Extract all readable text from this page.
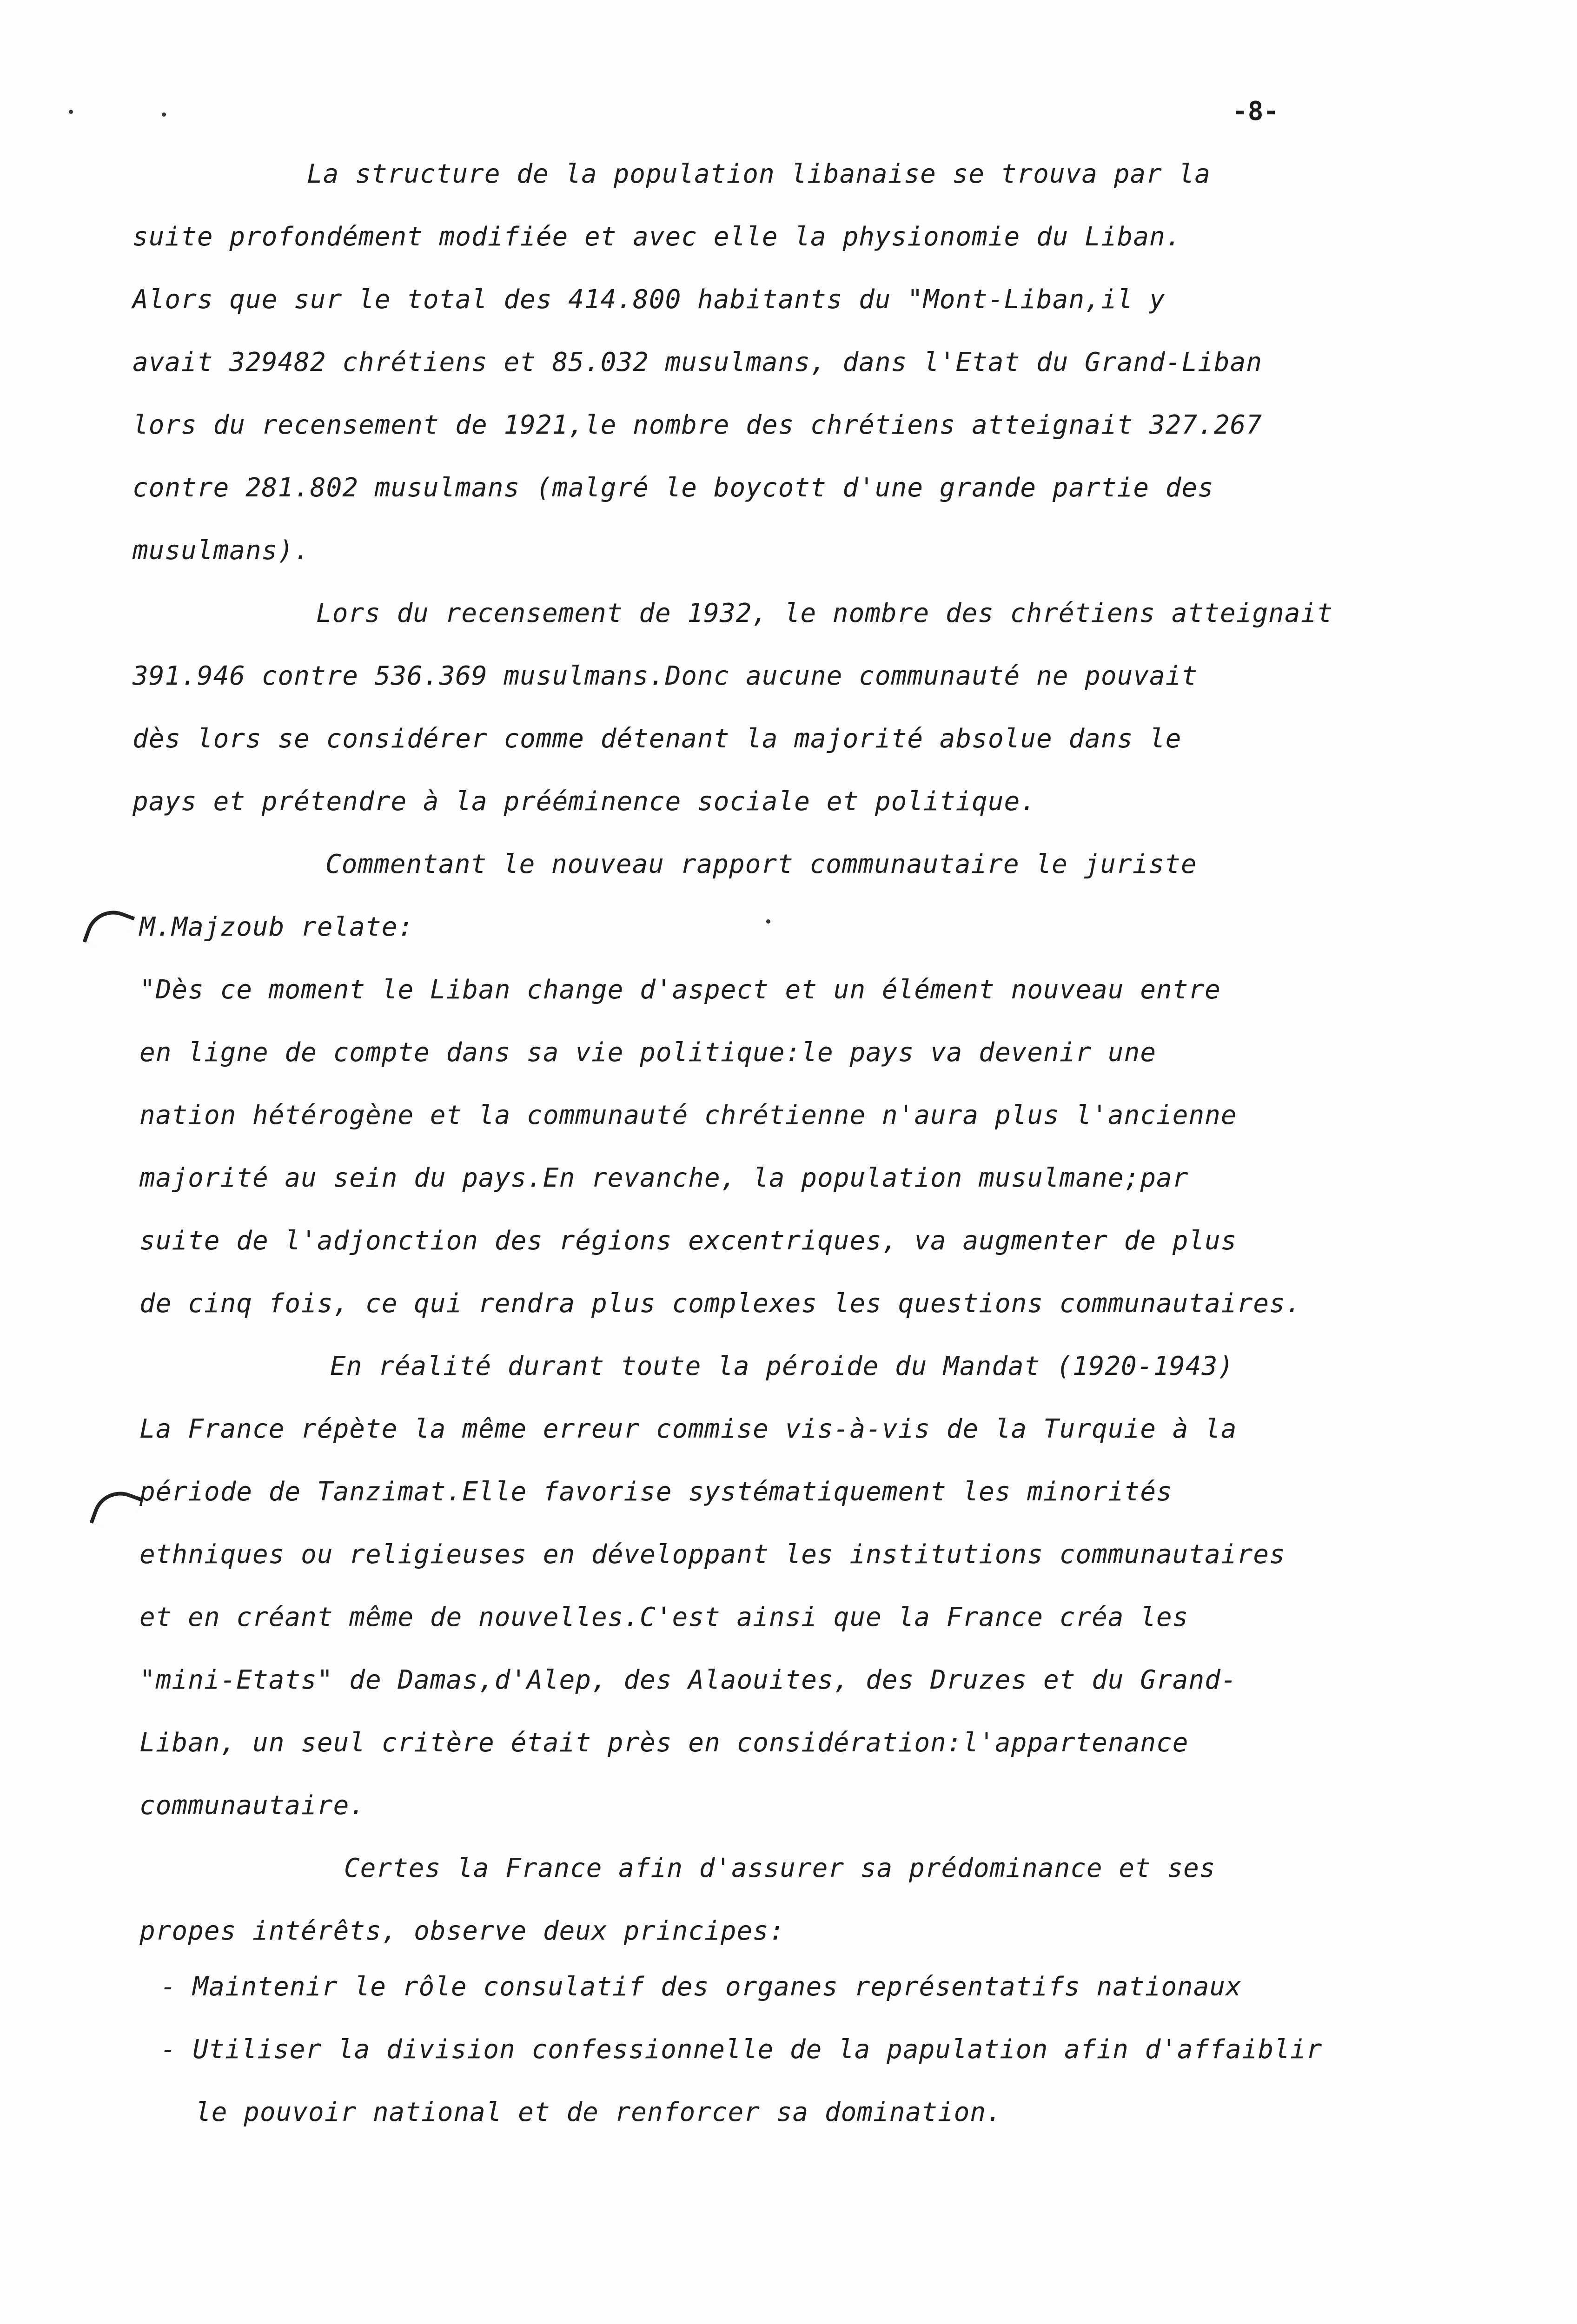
-8-

La structure de la population libanaise se trouva par la

suite profondément modifiée et avec elle la physionomie du Liban.

Alors que sur le total des 414.800 habitants du "Mont-Liban,il y

avait 329482 chrétiens et 85.032 musulmans, dans l'Etat du Grand-Liban

lors du recensement de 1921,le nombre des chrétiens atteignait 327.267

contre 281.802 musulmans (malgré le boycott d'une grande partie des

musulmans).

Lors du recensement de 1932, le nombre des chrétiens atteignait

391.946 contre 536.369 musulmans.Donc aucune communauté ne pouvait

dès lors se considérer comme détenant la majorité absolue dans le

pays et prétendre à la prééminence sociale et politique.

Commentant le nouveau rapport communautaire le juriste

M.Majzoub relate:

"Dès ce moment le Liban change d'aspect et un élément nouveau entre

en ligne de compte dans sa vie politique:le pays va devenir une

nation hétérogène et la communauté chrétienne n'aura plus l'ancienne

majorité au sein du pays.En revanche, la population musulmane;par

suite de l'adjonction des régions excentriques, va augmenter de plus

de cinq fois, ce qui rendra plus complexes les questions communautaires.

En réalité durant toute la péroide du Mandat (1920-1943)

La France répète la même erreur commise vis-à-vis de la Turquie à la

période de Tanzimat.Elle favorise systématiquement les minorités

ethniques ou religieuses en développant les institutions communautaires

et en créant même de nouvelles.C'est ainsi que la France créa les

"mini-Etats" de Damas,d'Alep, des Alaouites, des Druzes et du Grand-

Liban, un seul critère était près en considération:l'appartenance

communautaire.

Certes la France afin d'assurer sa prédominance et ses

propes intérêts, observe deux principes:

- Maintenir le rôle consulatif des organes représentatifs nationaux

- Utiliser la division confessionnelle de la papulation afin d'affaiblir

le pouvoir national et de renforcer sa domination.
